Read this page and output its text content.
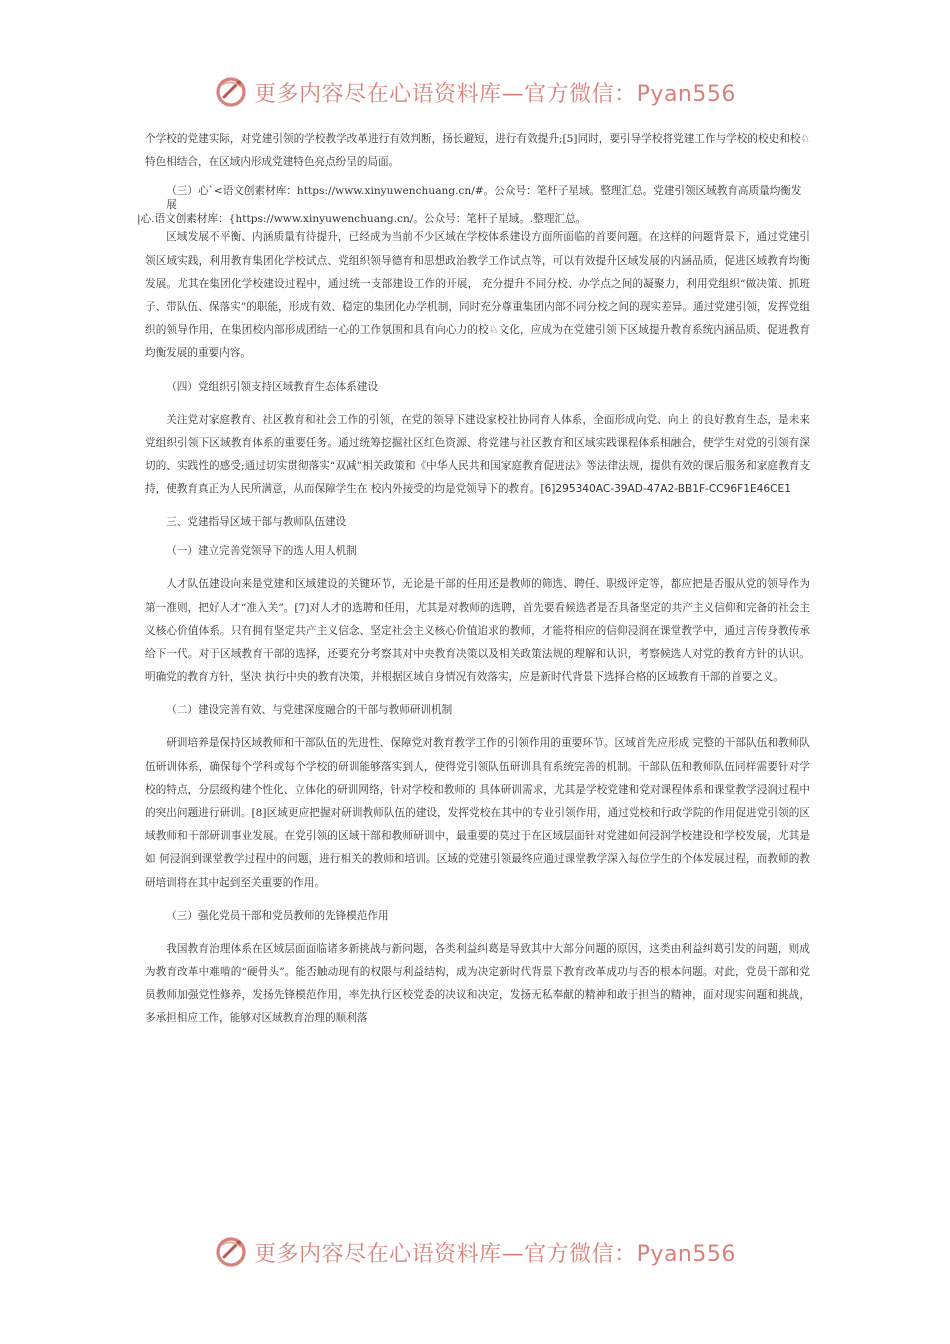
更多内容尽在心语资料库—官方微信：Pyan556

个学校的党建实际，对党建引领的学校教学改革进行有效判断，扬长避短，进行有效提升;[5]同时，要引导学校将党建工作与学校的校史和校♘特色相结合，在区域内形成党建特色亮点纷呈的局面。

（三）心`<语文创素材库：https://www.xinyuwenchuang.cn/#。公众号：笔杆子星域。整理汇总。党建引领区域教育高质量均衡发展

|心.语文创素材库：{https://www.xinyuwenchuang.cn/。公众号：笔杆子星域。.整理汇总。

区域发展不平衡、内涵质量有待提升，已经成为当前不少区域在学校体系建设方面所面临的首要问题。在这样的问题背景下，通过党建引领区域实践，利用教育集团化学校试点、党组织领导德育和思想政治教学工作试点等，可以有效提升区域发展的内涵品质，促进区域教育均衡发展。尤其在集团化学校建设过程中，通过统一支部建设工作的开展， 充分提升不同分校、办学点之间的凝聚力，利用党组织“做决策、抓班子、带队伍、保落实”的职能，形成有效、稳定的集团化办学机制，同时充分尊重集团内部不同分校之间的现实差异。通过党建引领，发挥党组织的领导作用，在集团校内部形成团结一心的工作氛围和具有向心力的校♘文化，应成为在党建引领下区域提升教育系统内涵品质、促进教育均衡发展的重要内容。

（四）党组织引领支持区域教育生态体系建设

关注党对家庭教育、社区教育和社会工作的引领，在党的领导下建设家校社协同育人体系，全面形成向党、向上 的良好教育生态，是未来党组织引领下区域教育体系的重要任务。通过统筹挖掘社区红色资源、将党建与社区教育和区域实践课程体系相融合，使学生对党的引领有深切的、实践性的感受;通过切实贯彻落实“双减”相关政策和《中华人民共和国家庭教育促进法》等法律法规，提供有效的课后服务和家庭教育支持，使教育真正为人民所满意，从而保障学生在 校内外接受的均是党领导下的教育。[6]295340AC-39AD-47A2-BB1F-CC96F1E46CE1

三、党建指导区域干部与教师队伍建设

（一）建立完善党领导下的选人用人机制

人才队伍建设向来是党建和区域建设的关键环节，无论是干部的任用还是教师的筛选、聘任、职级评定等，都应把是否服从党的领导作为第一准则，把好人才“准入关”。[7]对人才的选聘和任用，尤其是对教师的选聘，首先要看候选者是否具备坚定的共产主义信仰和完备的社会主义核心价值体系。只有拥有坚定共产主义信念、坚定社会主义核心价值追求的教师，才能将相应的信仰浸润在课堂教学中，通过言传身教传承给下一代。对于区域教育干部的选择，还要充分考察其对中央教育决策以及相关政策法规的理解和认识，考察候选人对党的教育方针的认识。明确党的教育方针，坚决 执行中央的教育决策，并根据区域自身情况有效落实，应是新时代背景下选择合格的区域教育干部的首要之义。

（二）建设完善有效、与党建深度融合的干部与教师研训机制

研训培养是保持区域教师和干部队伍的先进性、保障党对教育教学工作的引领作用的重要环节。区域首先应形成 完整的干部队伍和教师队伍研训体系，确保每个学科或每个学校的研训能够落实到人，使得党引领队伍研训具有系统完善的机制。干部队伍和教师队伍同样需要针对学校的特点，分层级构建个性化、立体化的研训网络，针对学校和教师的 具体研训需求，尤其是学校党建和党对课程体系和课堂教学浸润过程中的突出问题进行研训。[8]区域更应把握对研训教师队伍的建设，发挥党校在其中的专业引领作用，通过党校和行政学院的作用促进党引领的区域教师和干部研训事业发展。在党引领的区域干部和教师研训中，最重要的莫过于在区域层面针对党建如何浸润学校建设和学校发展，尤其是如 何浸润到课堂教学过程中的问题，进行相关的教师和培训。区域的党建引领最终应通过课堂教学深入每位学生的个体发展过程，而教师的教研培训将在其中起到至关重要的作用。

（三）强化党员干部和党员教师的先锋模范作用

我国教育治理体系在区域层面面临诸多新挑战与新问题，各类利益纠葛是导致其中大部分问题的原因，这类由利益纠葛引发的问题，则成为教育改革中难啃的“硬骨头”。能否触动现有的权限与利益结构，成为决定新时代背景下教育改革成功与否的根本问题。对此，党员干部和党员教师加强党性修养，发扬先锋模范作用，率先执行区校党委的决议和决定，发扬无私奉献的精神和敢于担当的精神，面对现实问题和挑战，多承担相应工作，能够对区域教育治理的顺利落

更多内容尽在心语资料库—官方微信：Pyan556
